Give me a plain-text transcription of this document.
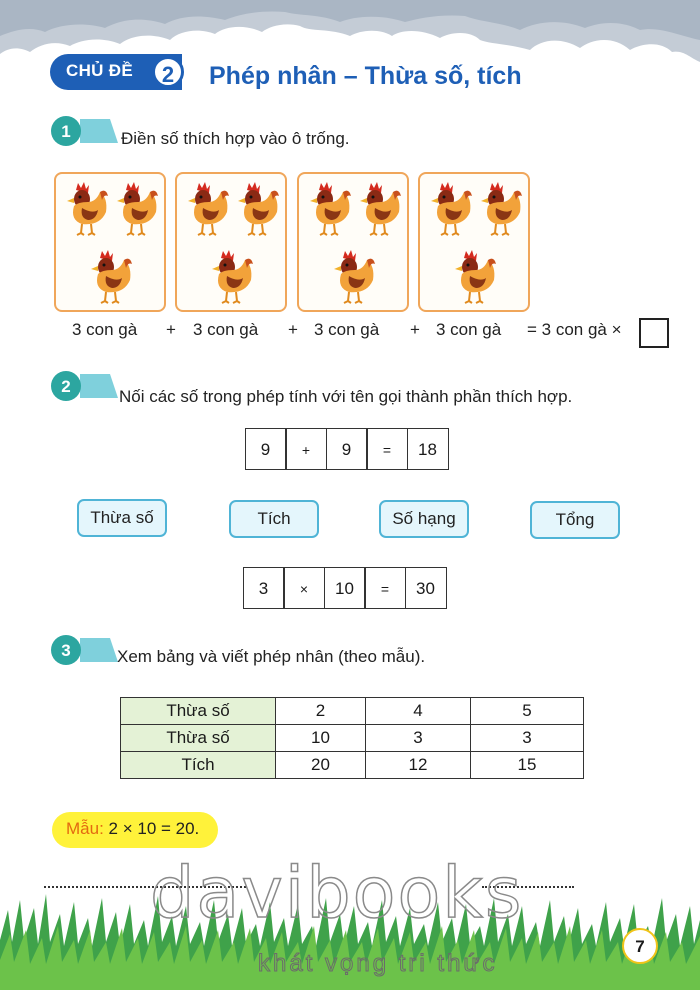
CHỦ ĐỀ	2	Phép nhân – Thừa số, tích
1	Điền số thích hợp vào ô trống.
3 con gà + 3 con gà + 3 con gà + 3 con gà = 3 con gà ×
2
Nối các số trong phép tính với tên gọi thành phần thích hợp.
9	+	9	=	18
Thừa số	Tích	Số hạng	Tổng
3	×	10	=	30
3	Xem bảng và viết phép nhân (theo mẫu).
Thừa số	2	4	5
Thừa số	10	3	3
Tích	20	12	15
Mẫu: 2 × 10 = 20.
davibooks
khát vọng tri thức
7
